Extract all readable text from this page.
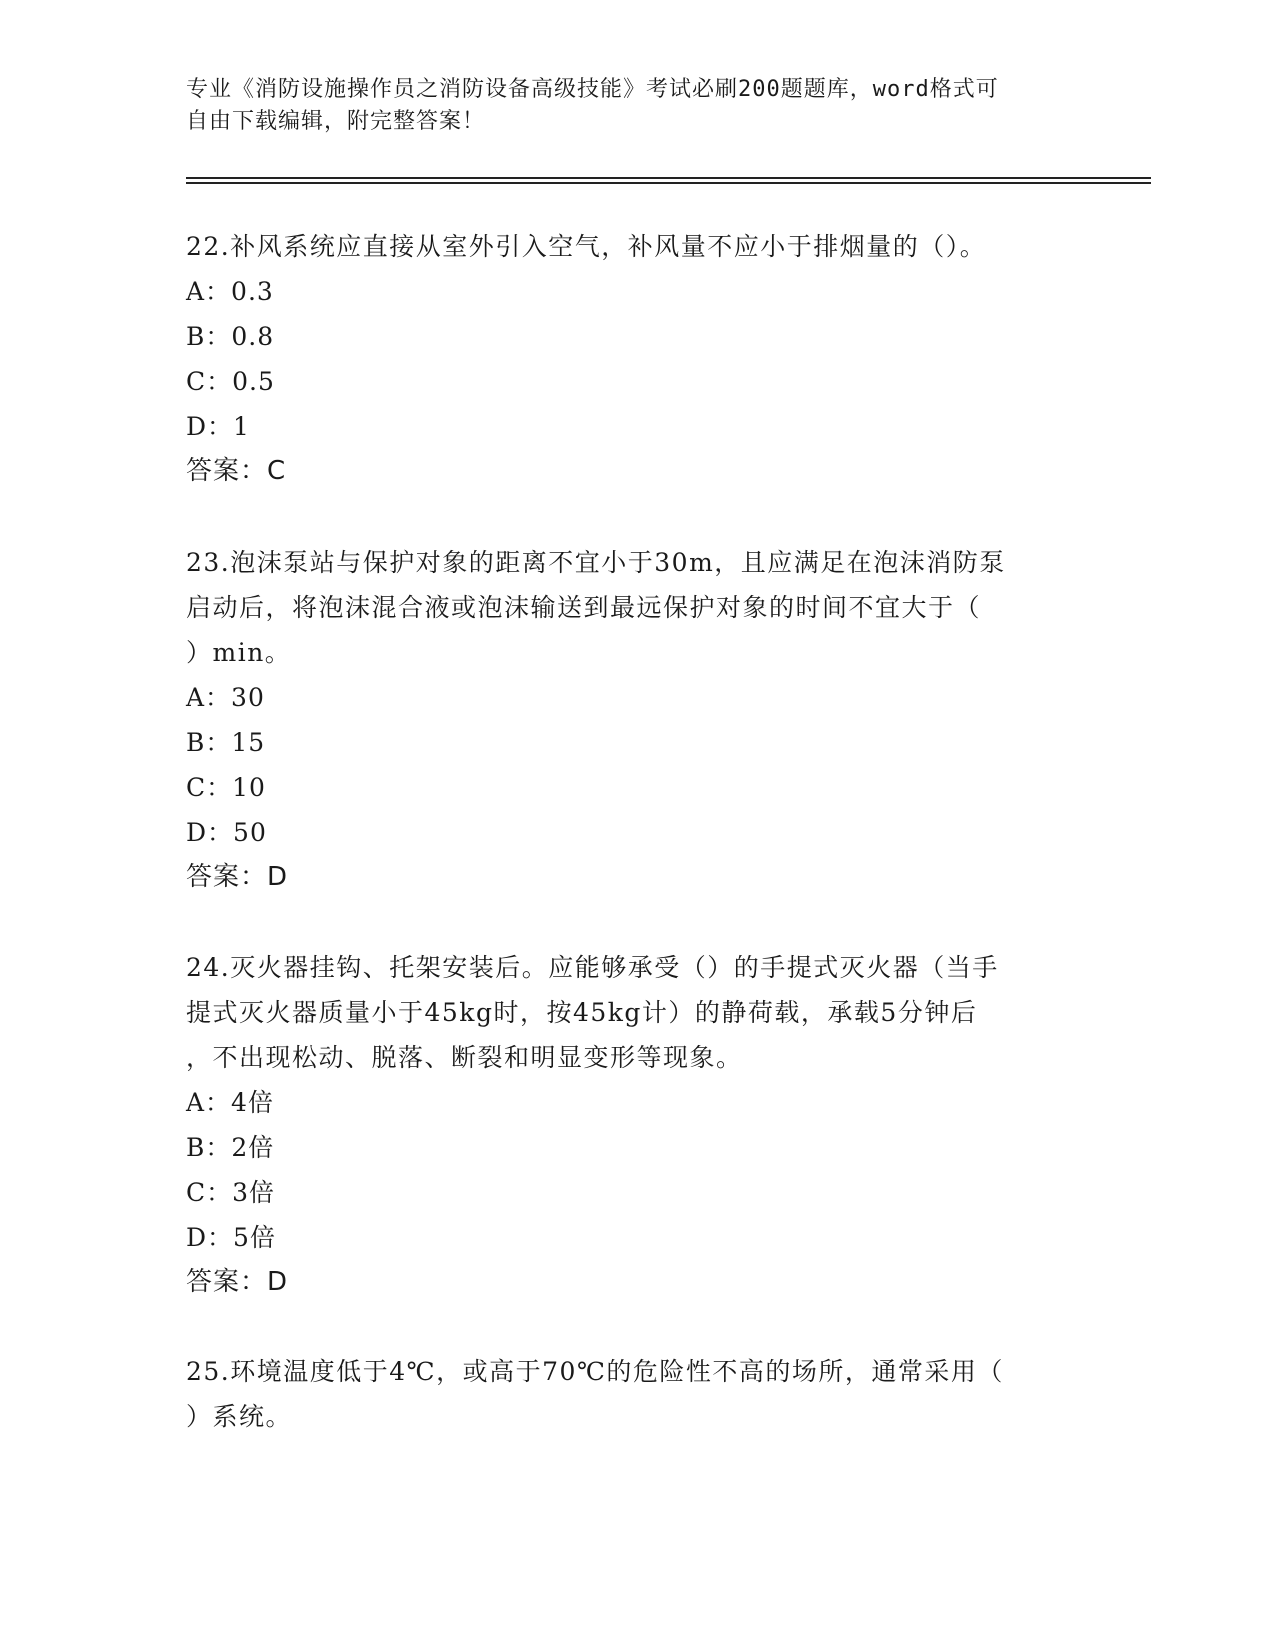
专业《消防设施操作员之消防设备高级技能》考试必刷200题题库，word格式可

自由下载编辑，附完整答案！

22.补风系统应直接从室外引入空气，补风量不应小于排烟量的（）。

A：0.3

B：0.8

C：0.5

D：1

答案：C

23.泡沫泵站与保护对象的距离不宜小于30m，且应满足在泡沫消防泵
启动后，将泡沫混合液或泡沫输送到最远保护对象的时间不宜大于（
）min。

A：30

B：15

C：10

D：50

答案：D

24.灭火器挂钩、托架安装后。应能够承受（）的手提式灭火器（当手
提式灭火器质量小于45kg时，按45kg计）的静荷载，承载5分钟后
，不出现松动、脱落、断裂和明显变形等现象。

A：4倍

B：2倍

C：3倍

D：5倍

答案：D

25.环境温度低于4℃，或高于70℃的危险性不高的场所，通常采用（
）系统。
